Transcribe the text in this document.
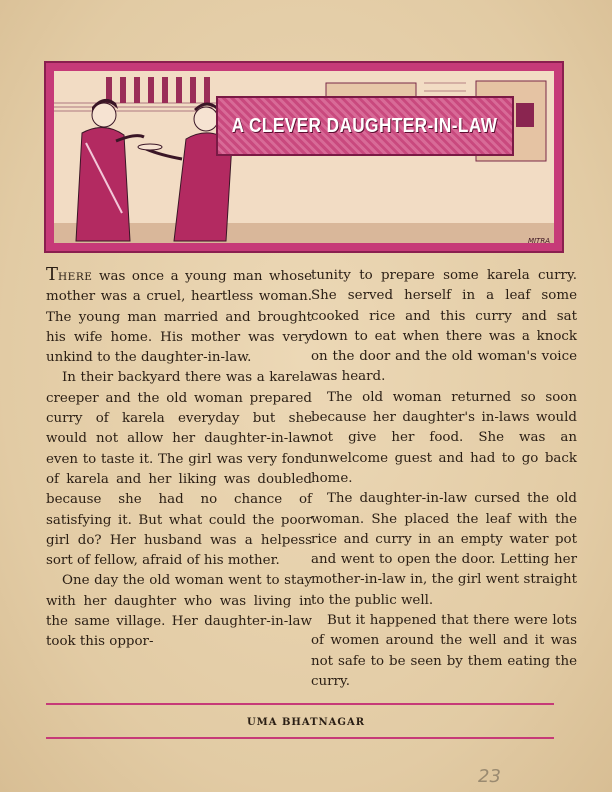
MITRA
A CLEVER DAUGHTER-IN-LAW

THERE was once a young man whose mother was a cruel, heartless woman. The young man married and brought his wife home. His mother was very unkind to the daughter-in-law.

In their backyard there was a karela creeper and the old woman prepared curry of karela everyday but she would not allow her daughter-in-law even to taste it. The girl was very fond of karela and her liking was doubled because she had no chance of satisfying it. But what could the poor girl do? Her husband was a helpess sort of fellow, afraid of his mother.

One day the old woman went to stay with her daughter who was living in the same village. Her daughter-in-law took this oppor-

tunity to prepare some karela curry. She served herself in a leaf some cooked rice and this curry and sat down to eat when there was a knock on the door and the old woman's voice was heard.

The old woman returned so soon because her daughter's in-laws would not give her food. She was an unwelcome guest and had to go back home.

The daughter-in-law cursed the old woman. She placed the leaf with the rice and curry in an empty water pot and went to open the door. Letting her mother-in-law in, the girl went straight to the public well.

But it happened that there were lots of women around the well and it was not safe to be seen by them eating the curry.

UMA BHATNAGAR
23
